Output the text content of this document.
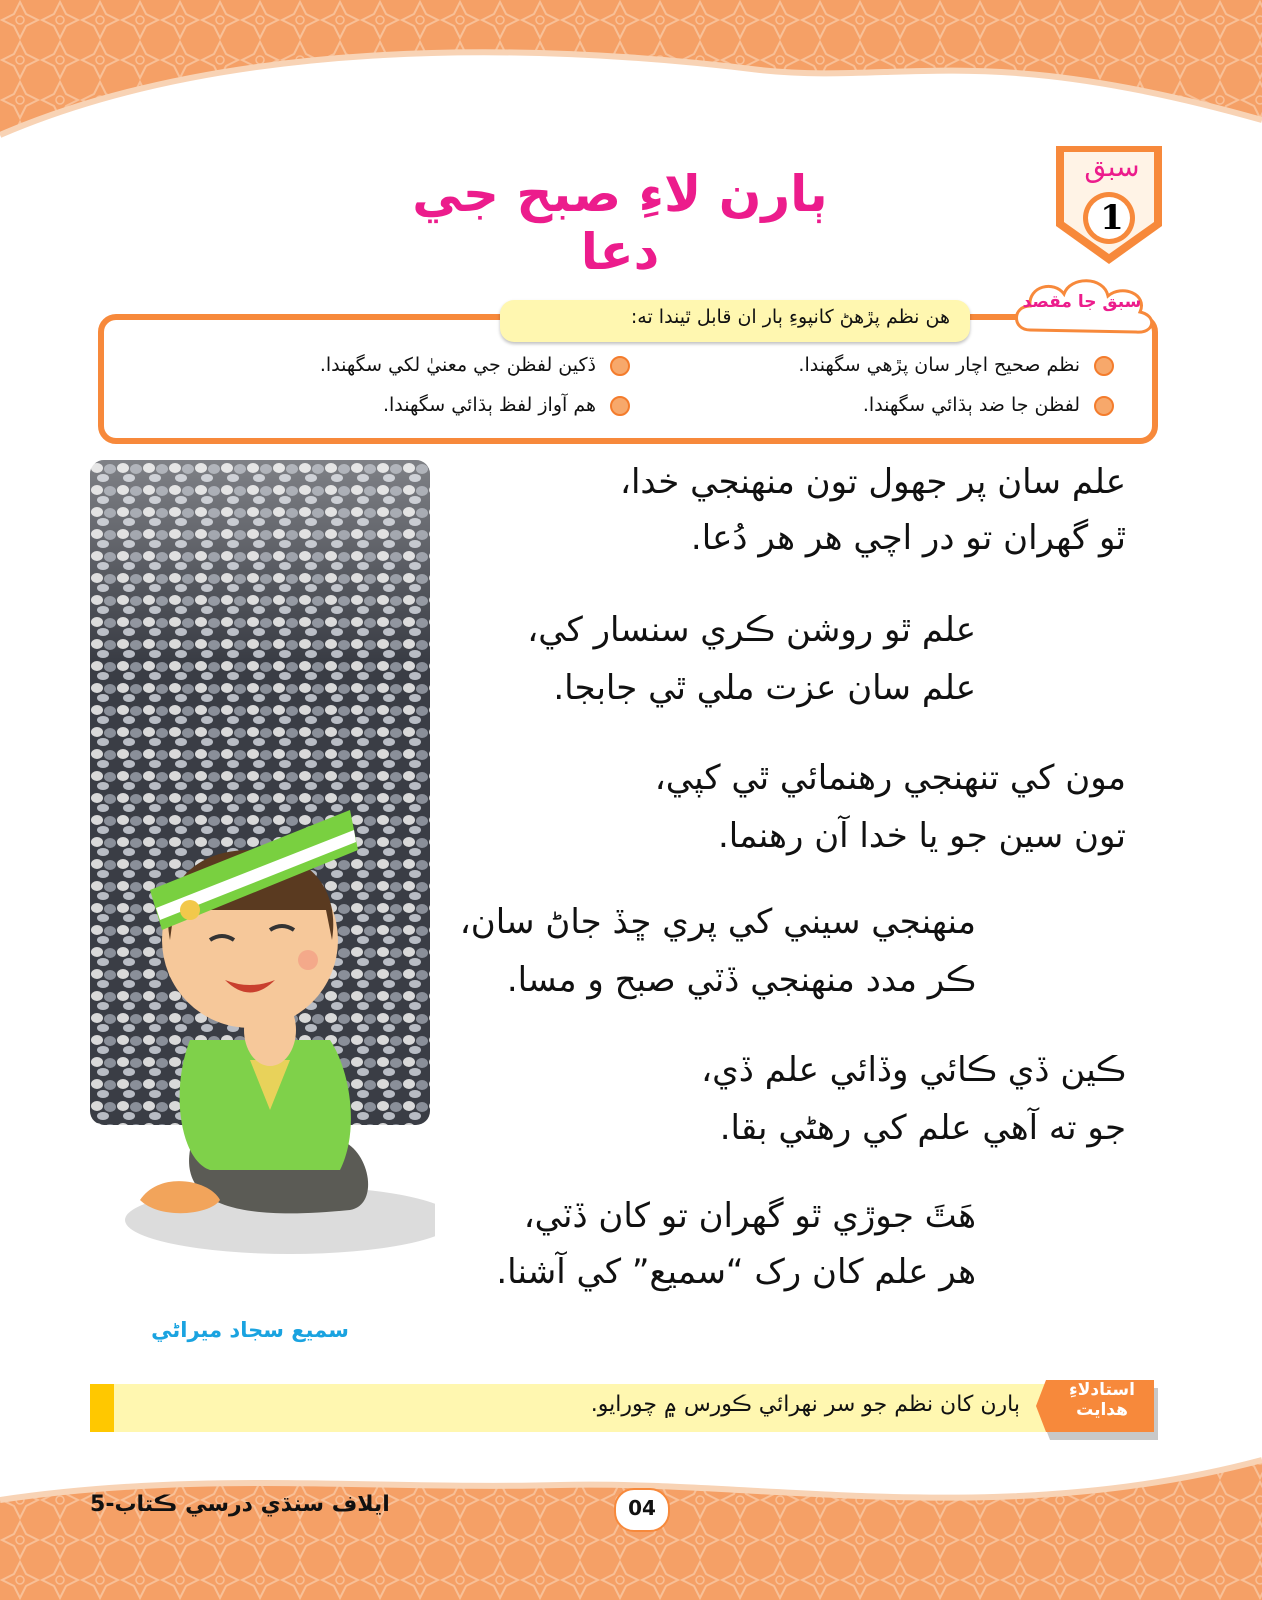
سبق
1
ٻارن لاءِ صبح جي دعا
هن نظم پڙهڻ کانپوءِ ٻار ان قابل ٿيندا ته:
سبق جا مقصد
نظم صحيح اچار سان پڙهي سگهندا.
ڏکين لفظن جي معنيٰ لکي سگهندا.
لفظن جا ضد ٻڌائي سگهندا.
هم آواز لفظ ٻڌائي سگهندا.
علم سان پر جهول تون منهنجي خدا،
ٿو گهران تو در اچي هر هر دُعا.
علم ٿو روشن ڪري سنسار کي،
علم سان عزت ملي ٿي جابجا.
مون کي تنهنجي رهنمائي ٿي کپي،
تون سين جو يا خدا آن رهنما.
منهنجي سيني کي پري ڇڏ جاڻ سان،
ڪر مدد منهنجي ڏٽي صبح و مسا.
ڪين ڏي ڪائي وڏائي علم ڏي،
جو ته آهي علم کي رهڻي بقا.
هَٿَ جوڙي ٿو گهران تو کان ڏٽي،
هر علم کان رک “سميع” کي آشنا.
سميع سجاد ميراڻي
ٻارن کان نظم جو سر نهرائي ڪورس ۾ چورايو.
استادلاءِ هدايت
ايلاف سنڌي درسي ڪتاب-5	04
